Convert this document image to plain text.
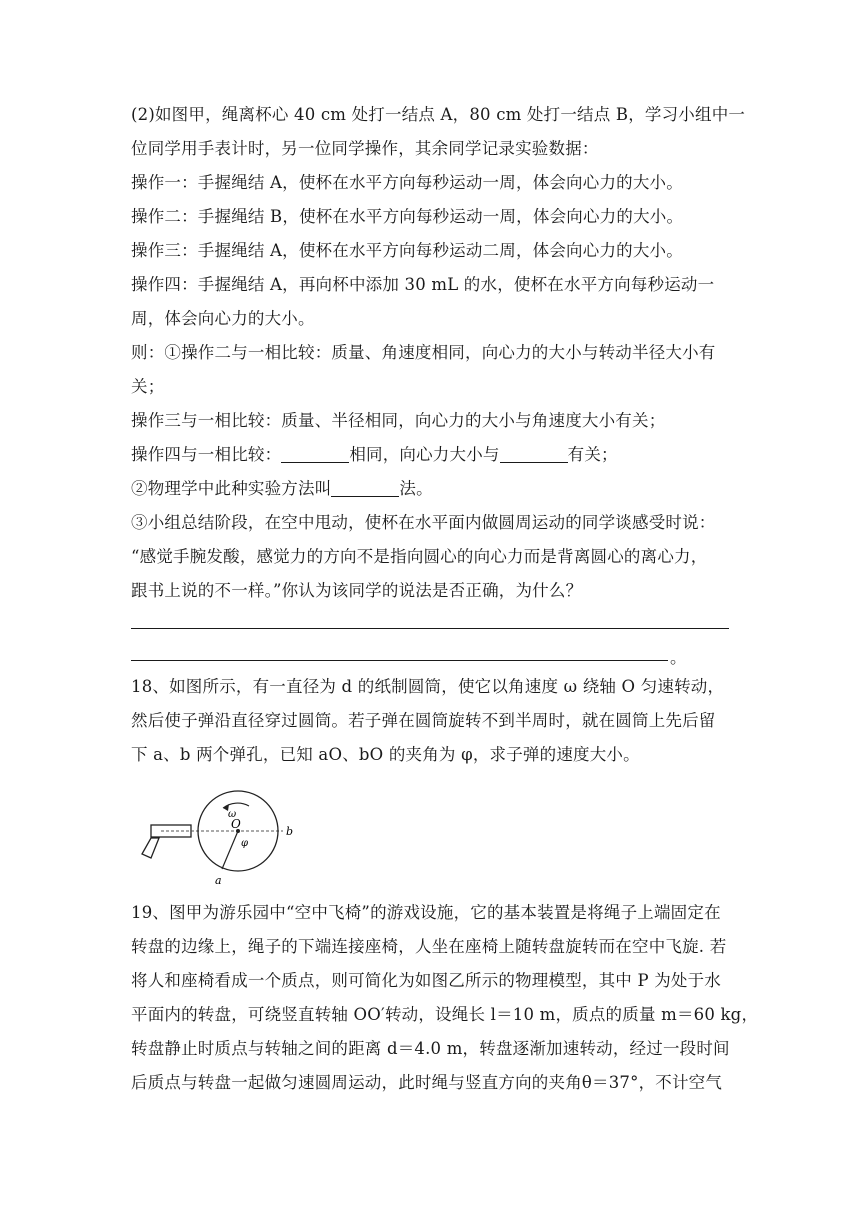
(2)如图甲，绳离杯心 40 cm 处打一结点 A，80 cm 处打一结点 B，学习小组中一
位同学用手表计时，另一位同学操作，其余同学记录实验数据：
操作一：手握绳结 A，使杯在水平方向每秒运动一周，体会向心力的大小。
操作二：手握绳结 B，使杯在水平方向每秒运动一周，体会向心力的大小。
操作三：手握绳结 A，使杯在水平方向每秒运动二周，体会向心力的大小。
操作四：手握绳结 A，再向杯中添加 30 mL 的水，使杯在水平方向每秒运动一
周，体会向心力的大小。
则：①操作二与一相比较：质量、角速度相同，向心力的大小与转动半径大小有
关；
操作三与一相比较：质量、半径相同，向心力的大小与角速度大小有关；
操作四与一相比较：	相同，向心力大小与	有关；
②物理学中此种实验方法叫	法。
③小组总结阶段，在空中甩动，使杯在水平面内做圆周运动的同学谈感受时说：
“感觉手腕发酸，感觉力的方向不是指向圆心的向心力而是背离圆心的离心力，
跟书上说的不一样。”你认为该同学的说法是否正确，为什么？
。
18、如图所示，有一直径为 d 的纸制圆筒，使它以角速度 ω 绕轴 O 匀速转动，
然后使子弹沿直径穿过圆筒。若子弹在圆筒旋转不到半周时，就在圆筒上先后留
下 a、b 两个弹孔，已知 aO、bO 的夹角为 φ，求子弹的速度大小。
O
ω
φ
a
b
19、图甲为游乐园中“空中飞椅”的游戏设施，它的基本装置是将绳子上端固定在
转盘的边缘上，绳子的下端连接座椅，人坐在座椅上随转盘旋转而在空中飞旋. 若
将人和座椅看成一个质点，则可简化为如图乙所示的物理模型，其中 P 为处于水
平面内的转盘，可绕竖直转轴 OO′转动，设绳长 l＝10 m，质点的质量 m＝60 kg，
转盘静止时质点与转轴之间的距离 d＝4.0 m，转盘逐渐加速转动，经过一段时间
后质点与转盘一起做匀速圆周运动，此时绳与竖直方向的夹角θ＝37°，不计空气
